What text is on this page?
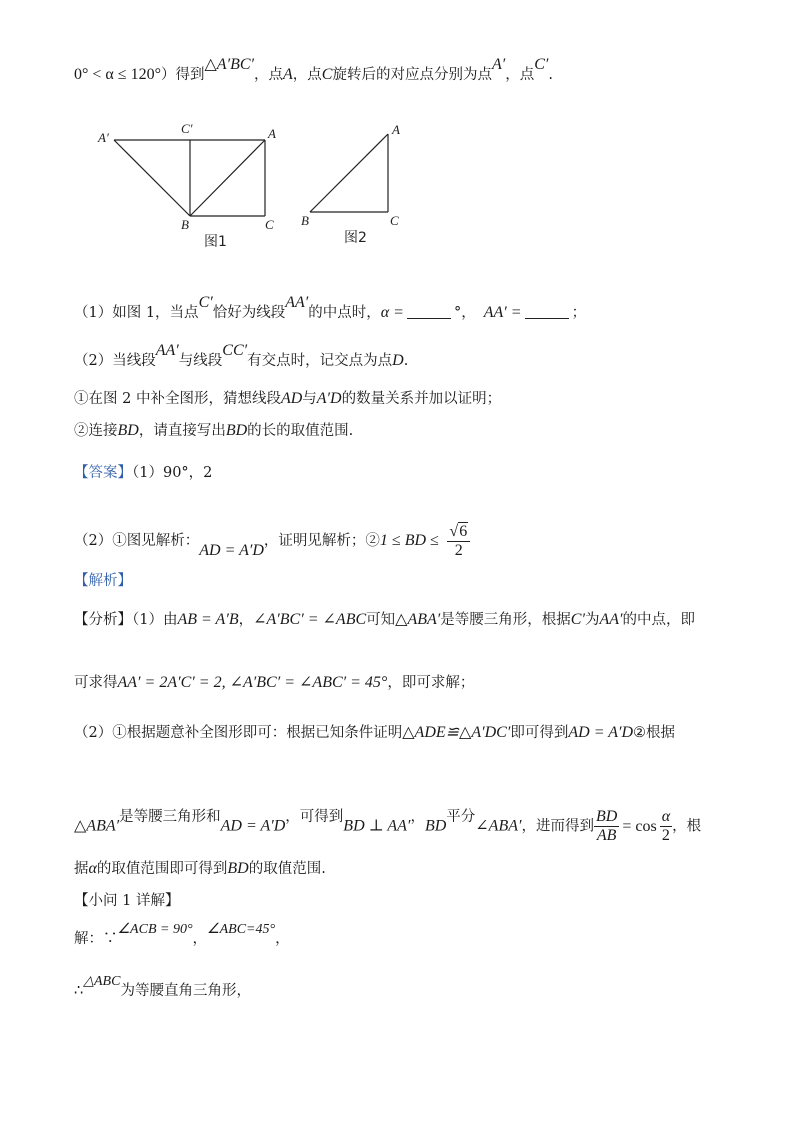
0° < α ≤ 120°）得到△A′BC′，点A，点C旋转后的对应点分别为点A′，点C′.
A′
C′	A
B	C
图1
A
B	C
图2
（1）如图 1，当点C′恰好为线段AA′的中点时，α =	°， AA′ =	；
（2）当线段AA′与线段CC′有交点时，记交点为点D.
①在图 2 中补全图形，猜想线段AD与A′D的数量关系并加以证明；
②连接BD，请直接写出BD的长的取值范围.
【答案】（1）90°，2
（2）①图见解析：AD = A′D，证明见解析；②1 ≤ BD ≤ $\frac{√6}{2}$
【解析】
【分析】（1）由AB = A′B，∠A′BC′ = ∠ABC可知△ABA′是等腰三角形，根据C′为AA′的中点，即
可求得AA′ = 2A′C′ = 2, ∠A′BC′ = ∠ABC′ = 45°，即可求解；
（2）①根据题意补全图形即可：根据已知条件证明△ADE≌△A′DC′即可得到AD = A′D②根据
△ABA′是等腰三角形和AD = A′D，可得到BD ⊥ AA′，BD平分∠ABA′，进而得到 $\frac{BD}{AB} = \cos \frac{\alpha}{2}$ ，根
据α的取值范围即可得到BD的取值范围.
【小问 1 详解】
解：∵∠ACB = 90°，∠ABC=45°，
∴△ABC为等腰直角三角形，
